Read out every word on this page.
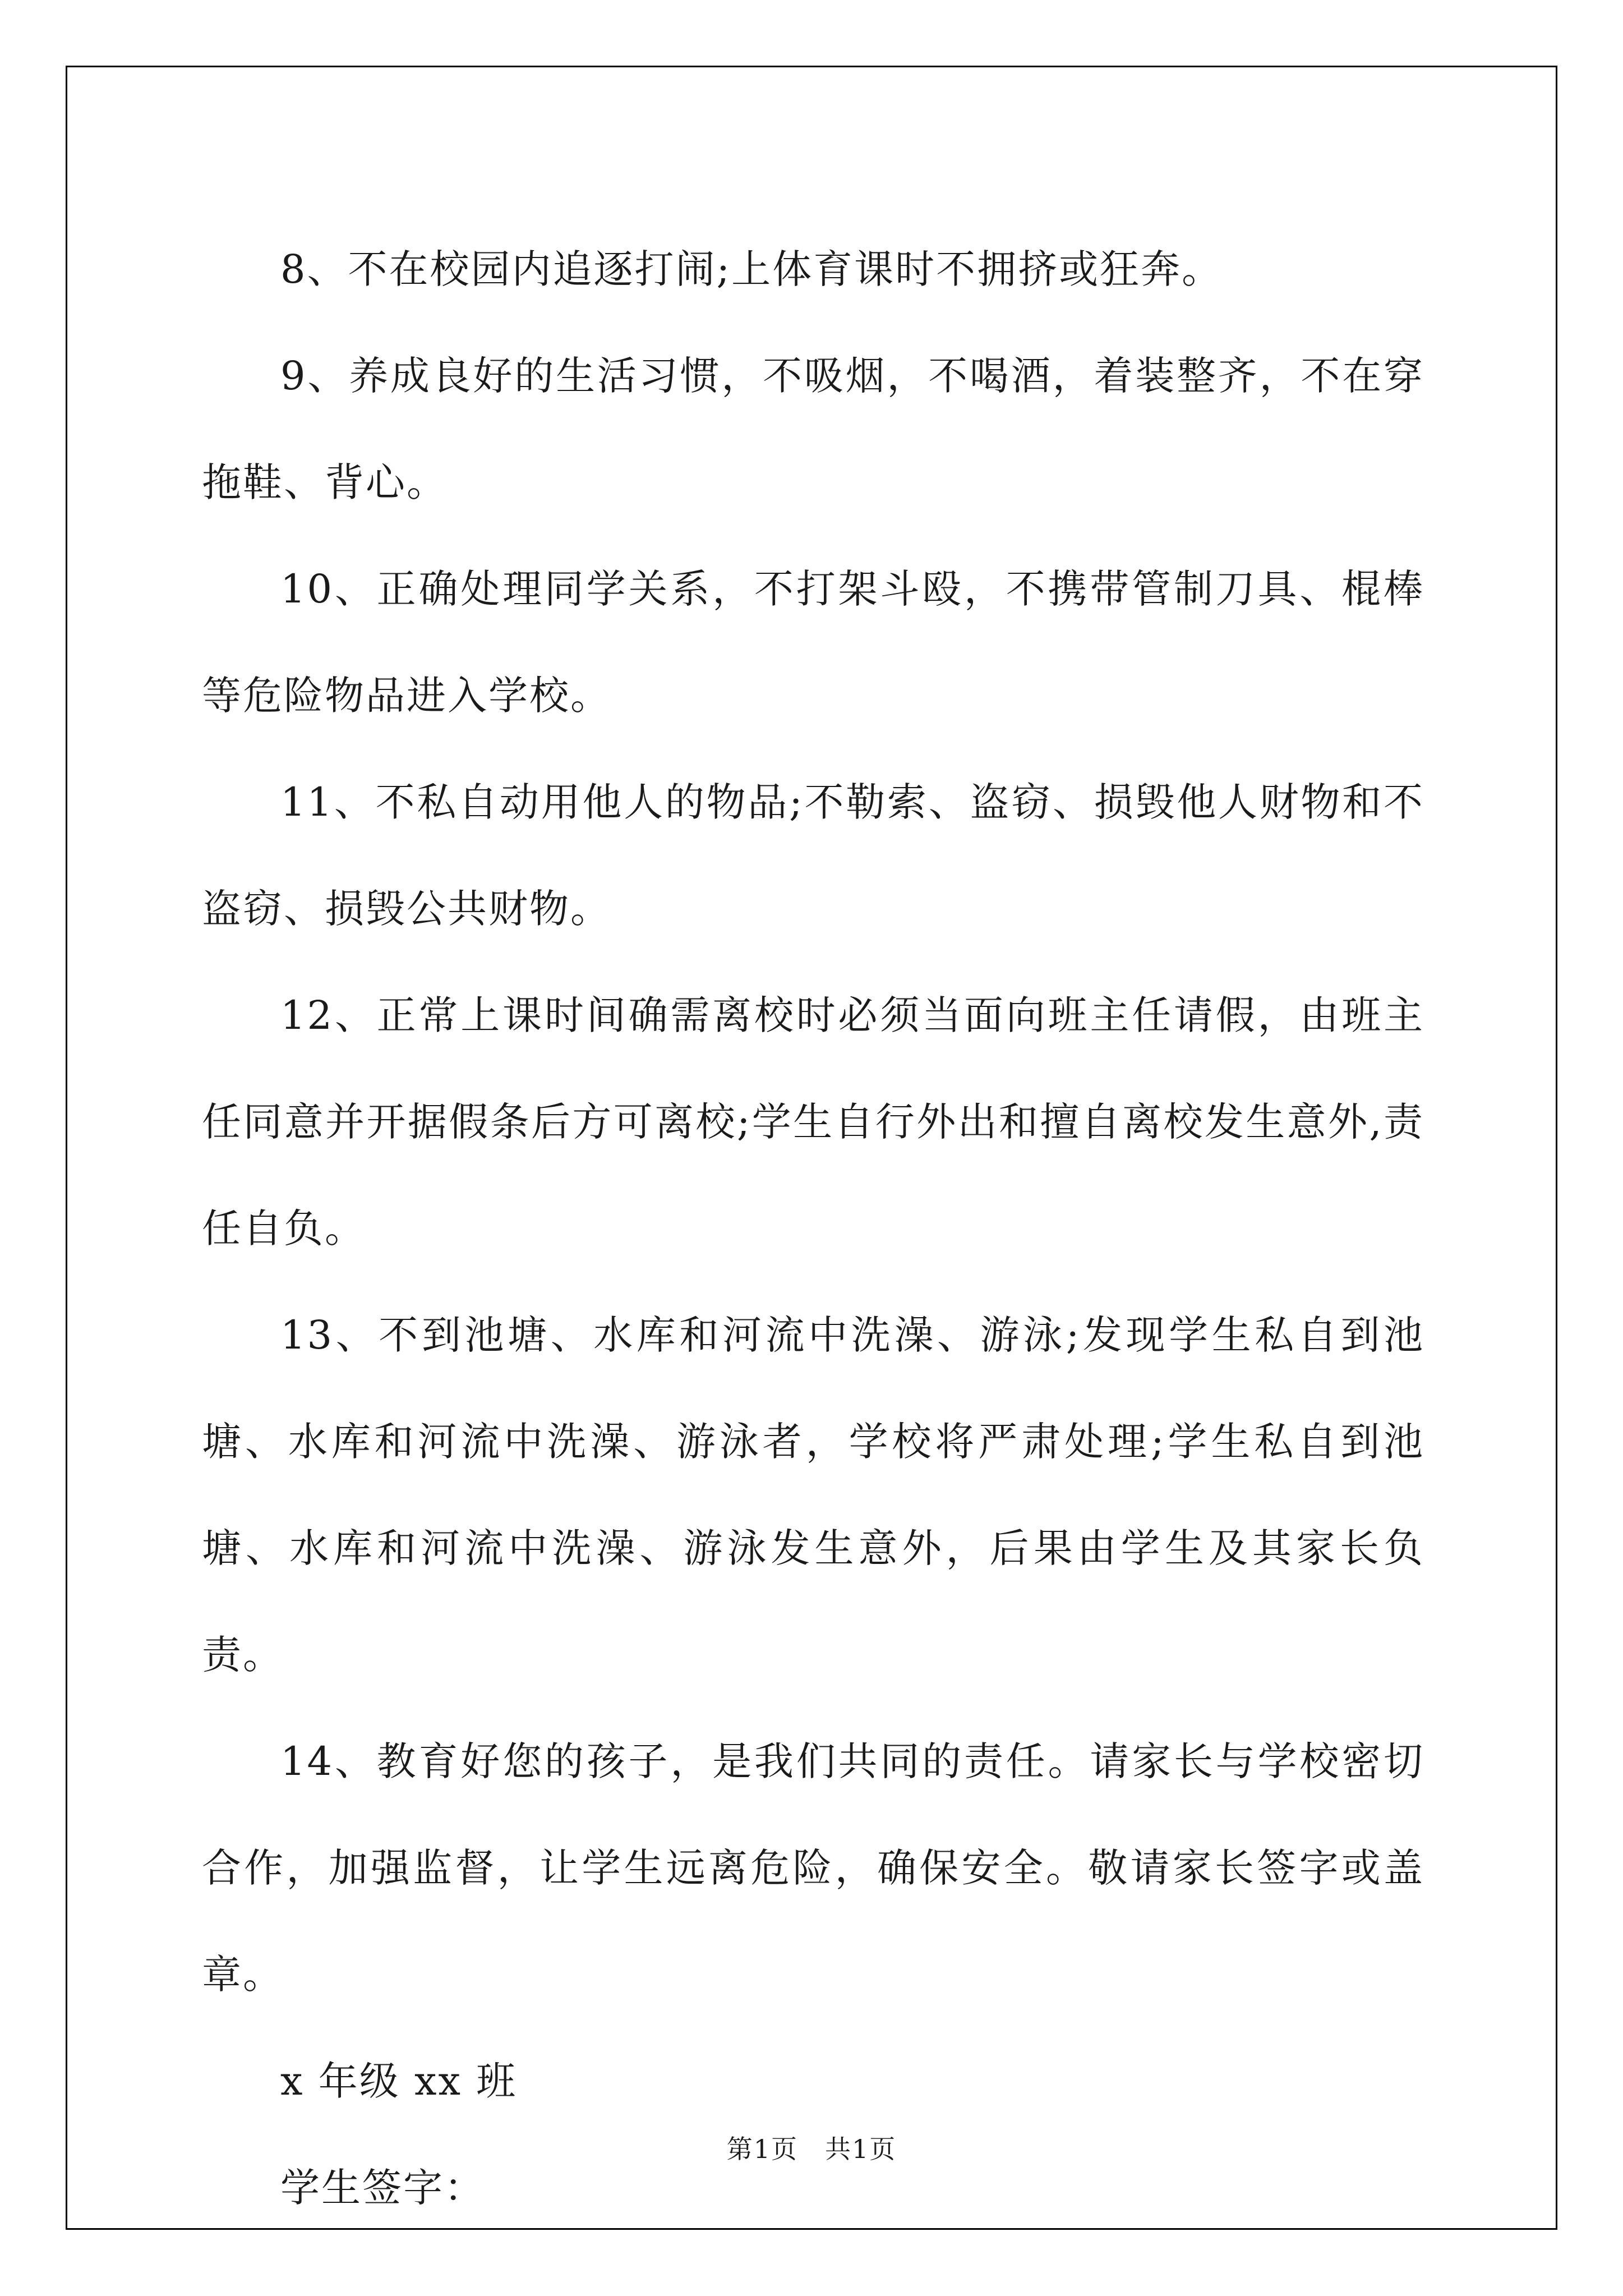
8、不在校园内追逐打闹;上体育课时不拥挤或狂奔。

9、养成良好的生活习惯，不吸烟，不喝酒，着装整齐，不在穿拖鞋、背心。

10、正确处理同学关系，不打架斗殴，不携带管制刀具、棍棒等危险物品进入学校。

11、不私自动用他人的物品;不勒索、盗窃、损毁他人财物和不盗窃、损毁公共财物。

12、正常上课时间确需离校时必须当面向班主任请假，由班主任同意并开据假条后方可离校;学生自行外出和擅自离校发生意外,责任自负。

13、不到池塘、水库和河流中洗澡、游泳;发现学生私自到池塘、水库和河流中洗澡、游泳者，学校将严肃处理;学生私自到池塘、水库和河流中洗澡、游泳发生意外，后果由学生及其家长负责。

14、教育好您的孩子，是我们共同的责任。请家长与学校密切合作，加强监督，让学生远离危险，确保安全。敬请家长签字或盖章。

x 年级 xx 班

学生签字：

第1页　共1页
